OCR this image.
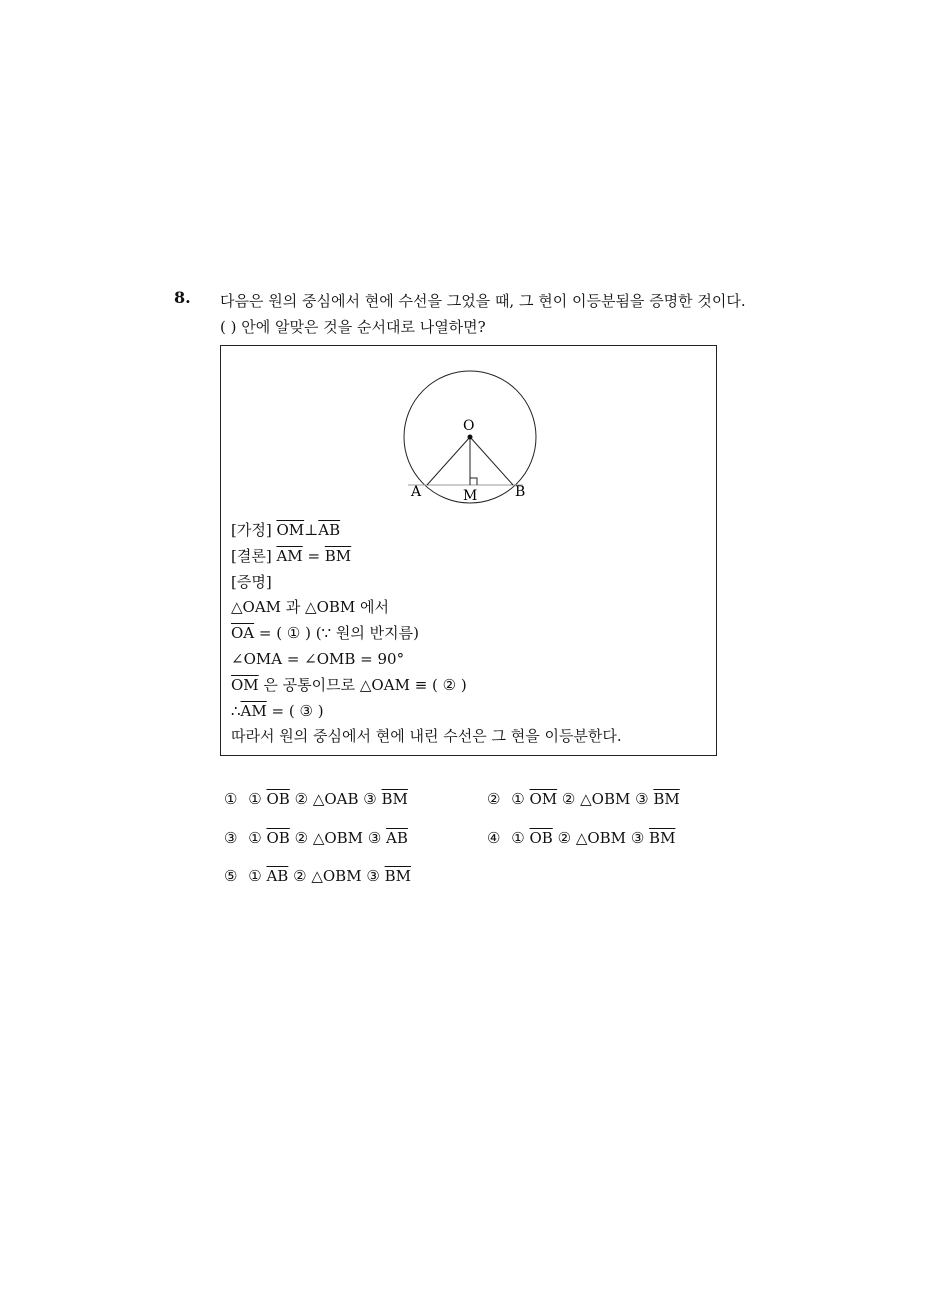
8. 다음은 원의 중심에서 현에 수선을 그었을 때, 그 현이 이등분됨을 증명한 것이다.
( ) 안에 알맞은 것을 순서대로 나열하면?
O
A	M	B
[가정] $\overline{OM}\perp\overline{AB}$
[결론] $\overline{AM} = \overline{BM}$
[증명]
△OAM 과 △OBM 에서
$\overline{OA}$ = ( ① ) (∵ 원의 반지름)
∠OMA = ∠OMB = 90°
$\overline{OM}$ 은 공통이므로 △OAM ≡ ( ② )
$\therefore\overline{AM}$ = ( ③ )
따라서 원의 중심에서 현에 내린 수선은 그 현을 이등분한다.
① ① $\overline{OB}$ ② △OAB ③ $\overline{BM}$	② ① $\overline{OM}$ ② △OBM ③ $\overline{BM}$
③ ① $\overline{OB}$ ② △OBM ③ $\overline{AB}$	④ ① $\overline{OB}$ ② △OBM ③ $\overline{BM}$
⑤ ① $\overline{AB}$ ② △OBM ③ $\overline{BM}$
